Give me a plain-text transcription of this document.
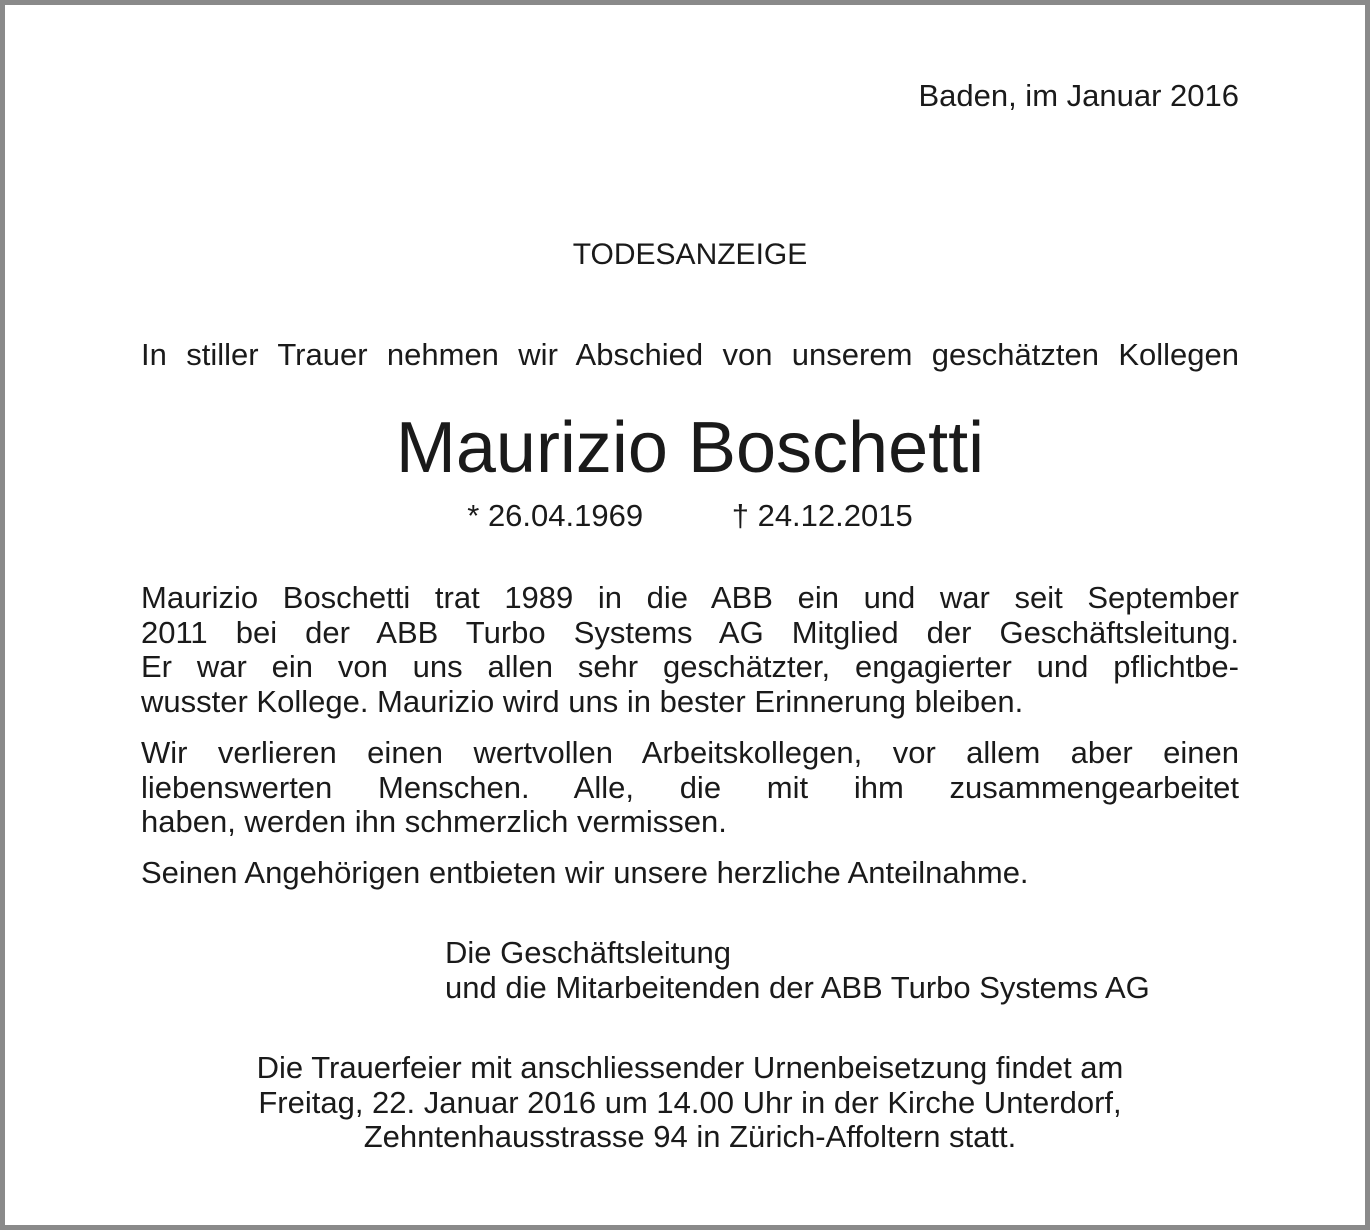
Baden, im Januar 2016
TODESANZEIGE
In stiller Trauer nehmen wir Abschied von unserem geschätzten Kollegen
Maurizio Boschetti
* 26.04.1969	† 24.12.2015
Maurizio Boschetti trat 1989 in die ABB ein und war seit September
2011 bei der ABB Turbo Systems AG Mitglied der Geschäftsleitung.
Er war ein von uns allen sehr geschätzter, engagierter und pflichtbe-
wusster Kollege. Maurizio wird uns in bester Erinnerung bleiben.
Wir verlieren einen wertvollen Arbeitskollegen, vor allem aber einen
liebenswerten Menschen. Alle, die mit ihm zusammengearbeitet
haben, werden ihn schmerzlich vermissen.
Seinen Angehörigen entbieten wir unsere herzliche Anteilnahme.
Die Geschäftsleitung
und die Mitarbeitenden der ABB Turbo Systems AG
Die Trauerfeier mit anschliessender Urnenbeisetzung findet am
Freitag, 22. Januar 2016 um 14.00 Uhr in der Kirche Unterdorf,
Zehntenhausstrasse 94 in Zürich-Affoltern statt.
